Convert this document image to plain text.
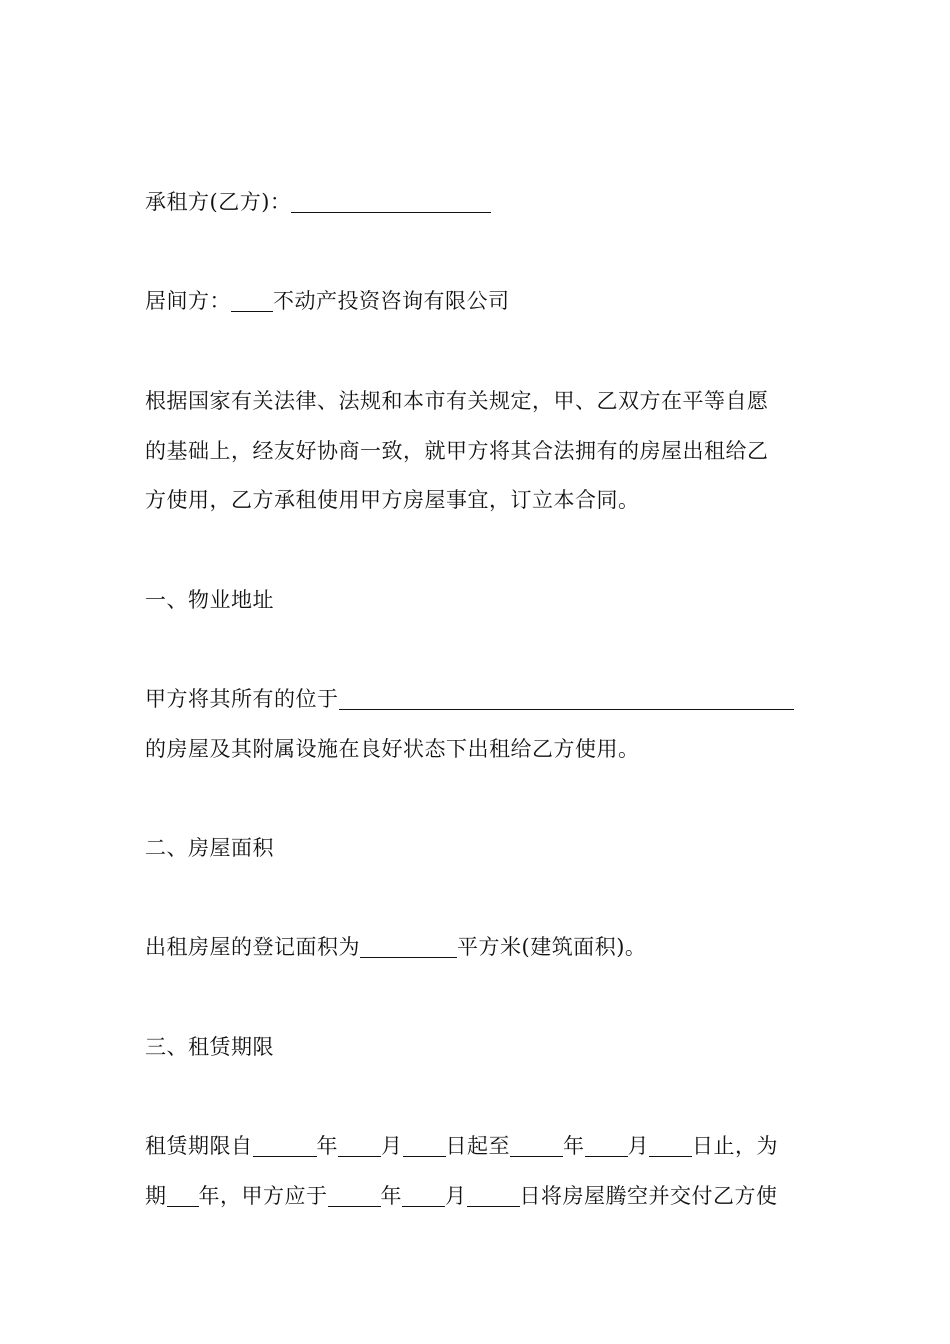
承租方(乙方)：
居间方： 不动产投资咨询有限公司
根据国家有关法律、法规和本市有关规定，甲、乙双方在平等自愿
的基础上，经友好协商一致，就甲方将其合法拥有的房屋出租给乙
方使用，乙方承租使用甲方房屋事宜，订立本合同。
一、物业地址
甲方将其所有的位于
的房屋及其附属设施在良好状态下出租给乙方使用。
二、房屋面积
出租房屋的登记面积为	平方米(建筑面积)。
三、租赁期限
租赁期限自	年 月 日起至	年 月 日止，为
期 年，甲方应于	年 月	日将房屋腾空并交付乙方使
